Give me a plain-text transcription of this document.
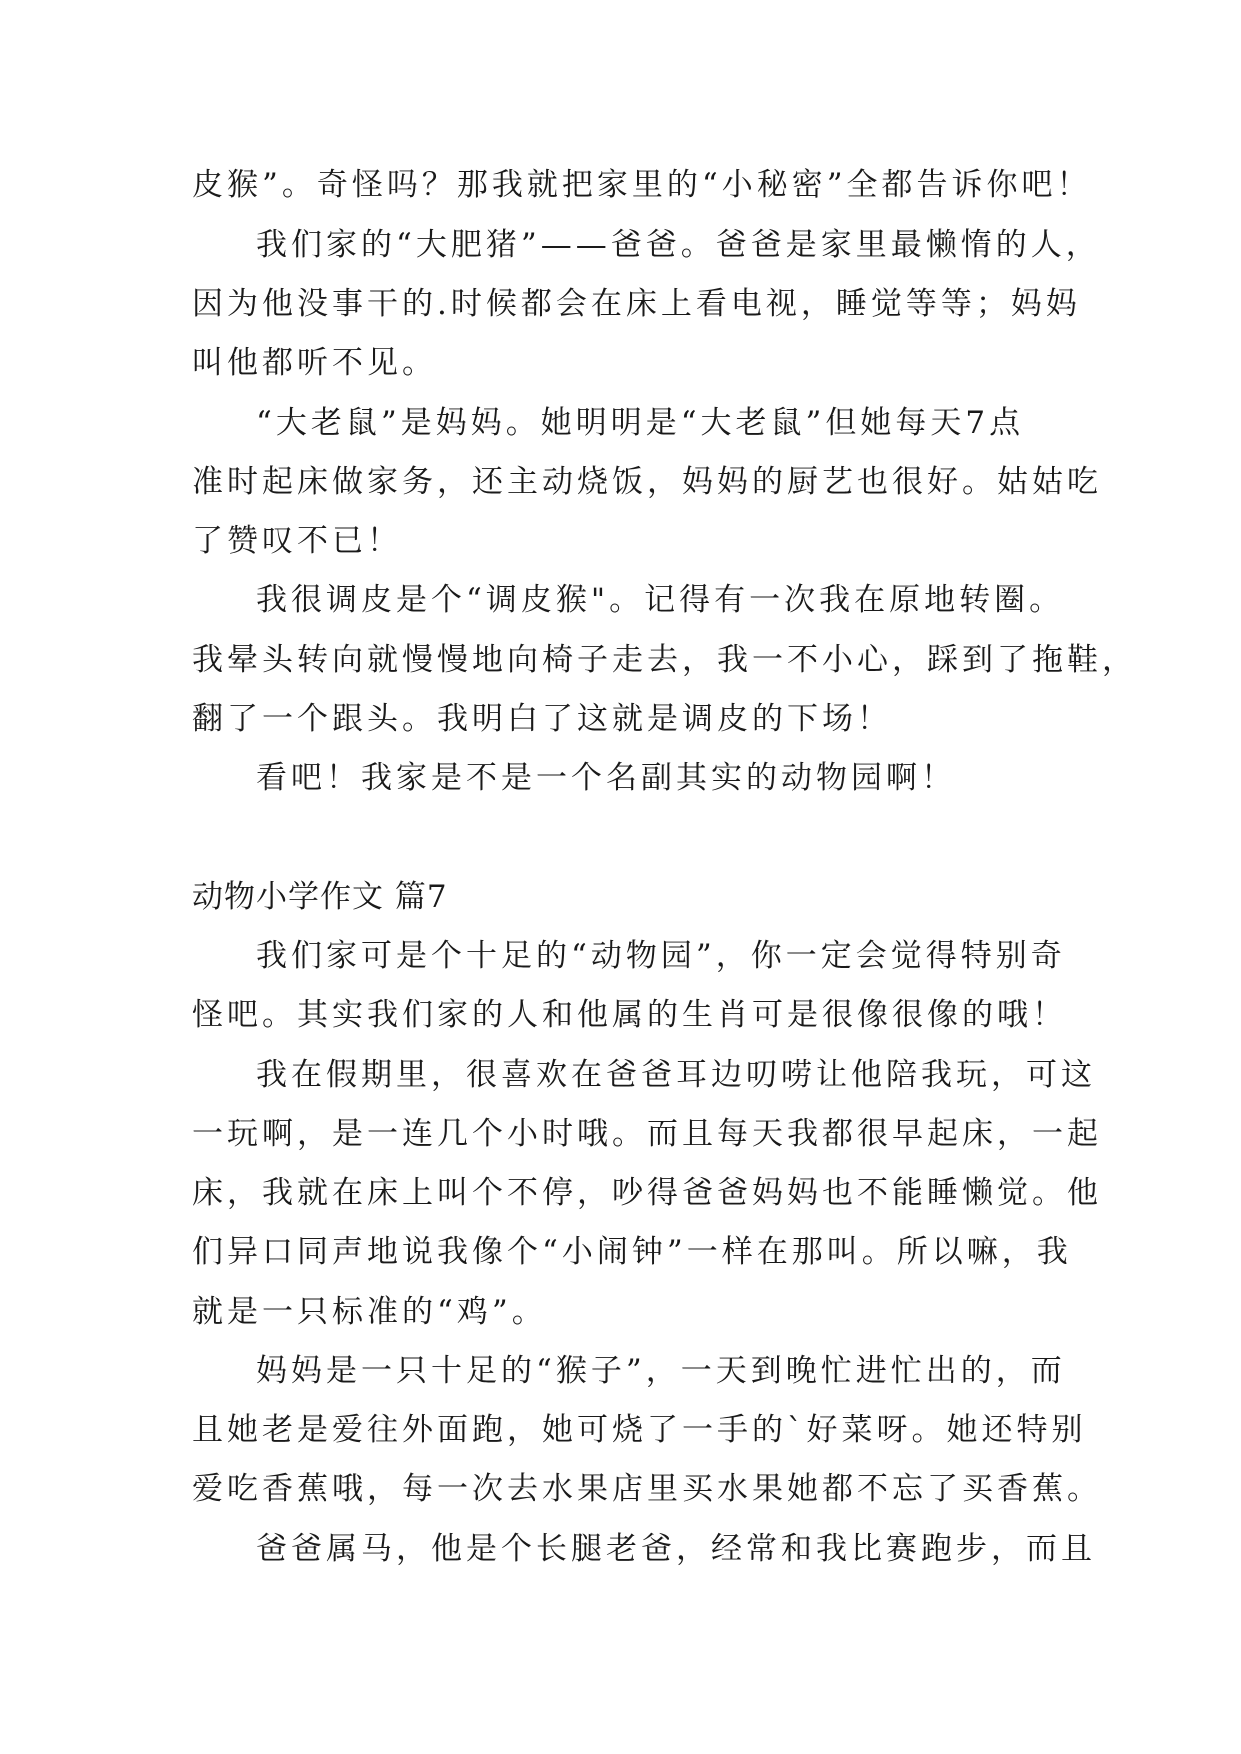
皮猴”。奇怪吗？那我就把家里的“小秘密”全都告诉你吧！
我们家的“大肥猪”——爸爸。爸爸是家里最懒惰的人，
因为他没事干的.时候都会在床上看电视，睡觉等等；妈妈
叫他都听不见。
“大老鼠”是妈妈。她明明是“大老鼠”但她每天7点
准时起床做家务，还主动烧饭，妈妈的厨艺也很好。姑姑吃
了赞叹不已！
我很调皮是个“调皮猴"。记得有一次我在原地转圈。
我晕头转向就慢慢地向椅子走去，我一不小心，踩到了拖鞋，
翻了一个跟头。我明白了这就是调皮的下场！
看吧！我家是不是一个名副其实的动物园啊！
动物小学作文 篇7
我们家可是个十足的“动物园”，你一定会觉得特别奇
怪吧。其实我们家的人和他属的生肖可是很像很像的哦！
我在假期里，很喜欢在爸爸耳边叨唠让他陪我玩，可这
一玩啊，是一连几个小时哦。而且每天我都很早起床，一起
床，我就在床上叫个不停，吵得爸爸妈妈也不能睡懒觉。他
们异口同声地说我像个“小闹钟”一样在那叫。所以嘛，我
就是一只标准的“鸡”。
妈妈是一只十足的“猴子”，一天到晚忙进忙出的，而
且她老是爱往外面跑，她可烧了一手的`好菜呀。她还特别
爱吃香蕉哦，每一次去水果店里买水果她都不忘了买香蕉。
爸爸属马，他是个长腿老爸，经常和我比赛跑步，而且
